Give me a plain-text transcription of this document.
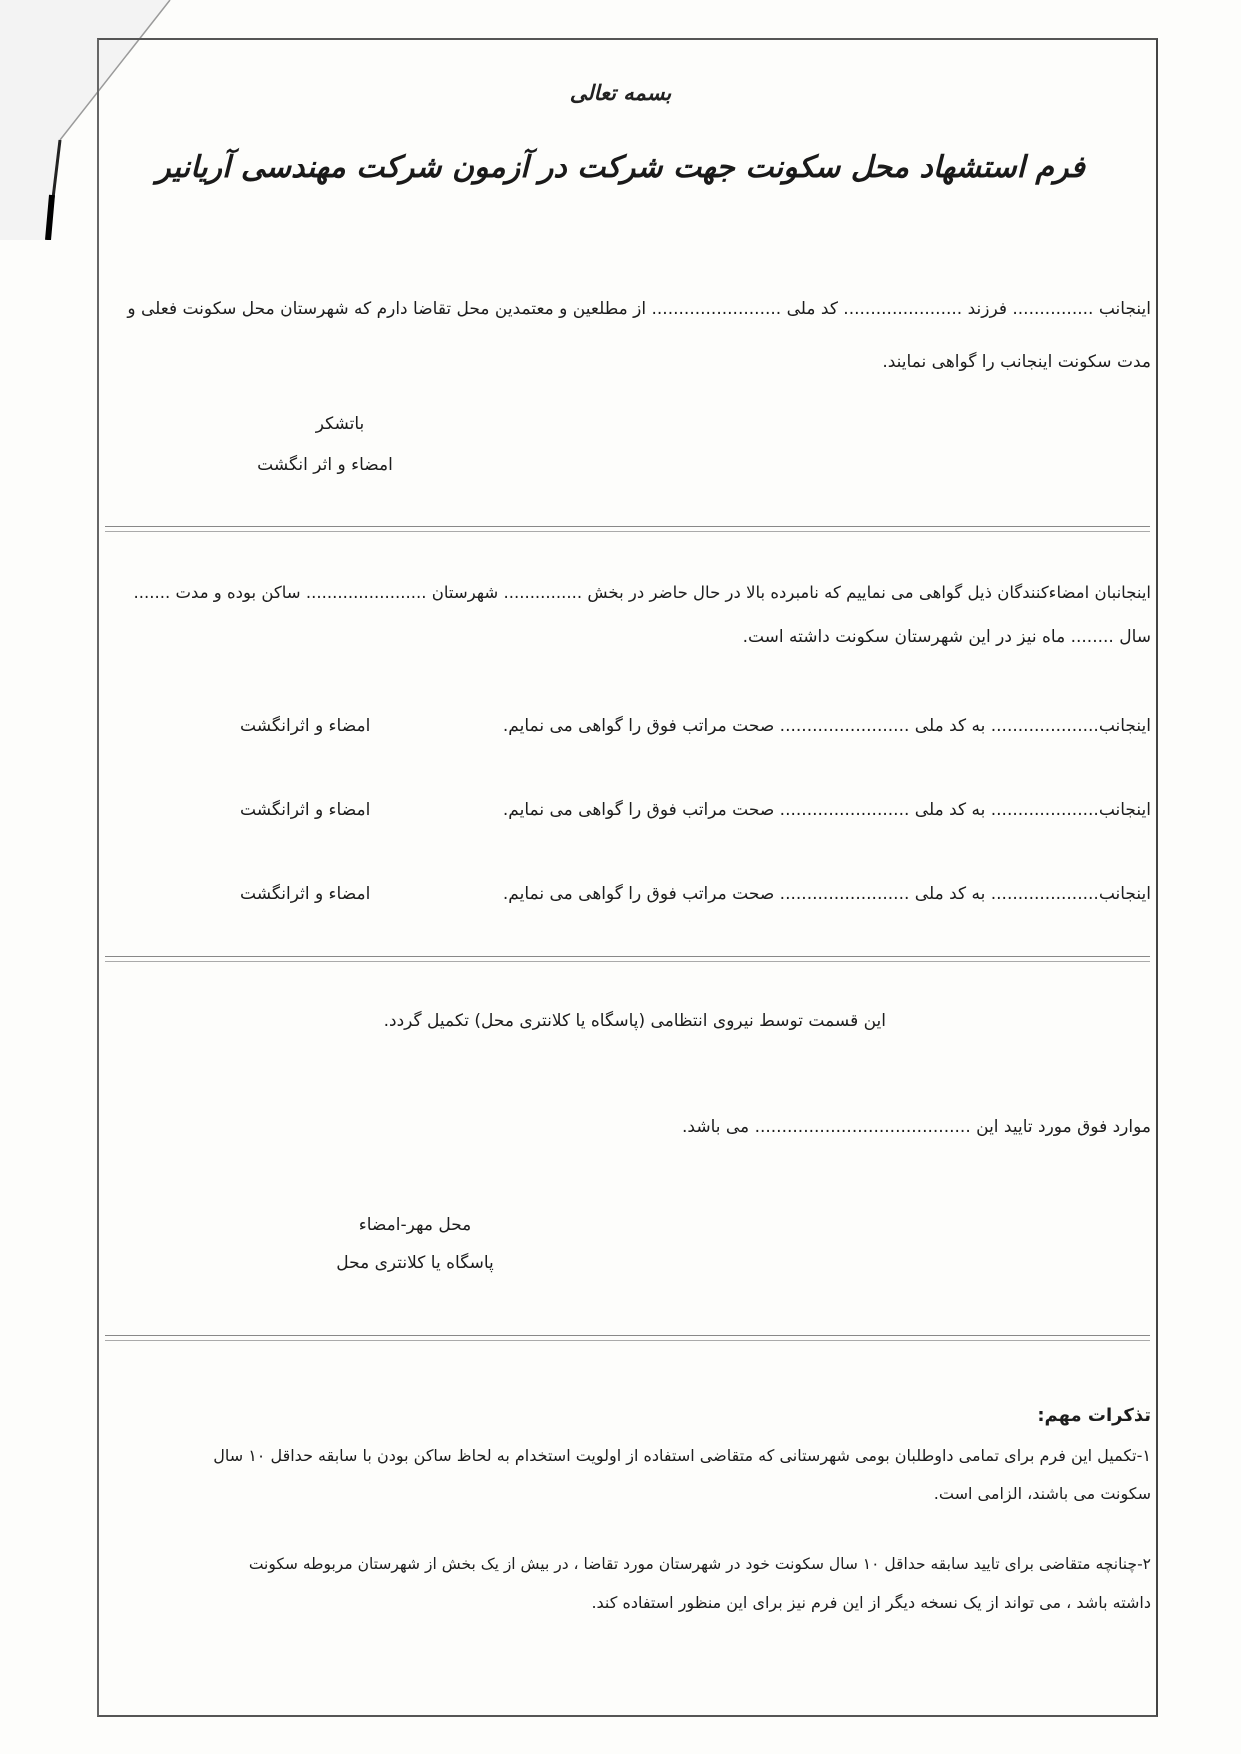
بسمه تعالی
فرم استشهاد محل سکونت جهت شرکت در آزمون شرکت مهندسی آریانیر
اینجانب ............... فرزند ...................... کد ملی ........................ از مطلعین و معتمدین محل تقاضا دارم که شهرستان محل سکونت فعلی و
مدت سکونت اینجانب را گواهی نمایند.
باتشکر
امضاء و اثر انگشت
اینجانبان امضاءکنندگان ذیل گواهی می نماییم که نامبرده بالا در حال حاضر در بخش ............... شهرستان ....................... ساکن بوده و مدت .......
سال ........ ماه نیز در این شهرستان سکونت داشته است.
اینجانب.................... به کد ملی ........................ صحت مراتب فوق را گواهی می نمایم.
امضاء و اثرانگشت
اینجانب.................... به کد ملی ........................ صحت مراتب فوق را گواهی می نمایم.
امضاء و اثرانگشت
اینجانب.................... به کد ملی ........................ صحت مراتب فوق را گواهی می نمایم.
امضاء و اثرانگشت
این قسمت توسط نیروی انتظامی (پاسگاه یا کلانتری محل) تکمیل گردد.
موارد فوق مورد تایید این ........................................ می باشد.
محل مهر-امضاء
پاسگاه یا کلانتری محل
تذکرات مهم:
۱-تکمیل این فرم برای تمامی داوطلبان بومی شهرستانی که متقاضی استفاده از اولویت استخدام به لحاظ ساکن بودن با سابقه حداقل ۱۰ سال
سکونت می باشند، الزامی است.
۲-چنانچه متقاضی برای تایید سابقه حداقل ۱۰ سال سکونت خود در شهرستان مورد تقاضا ، در بیش از یک بخش از شهرستان مربوطه سکونت
داشته باشد ، می تواند از یک نسخه دیگر از این فرم نیز برای این منظور استفاده کند.
